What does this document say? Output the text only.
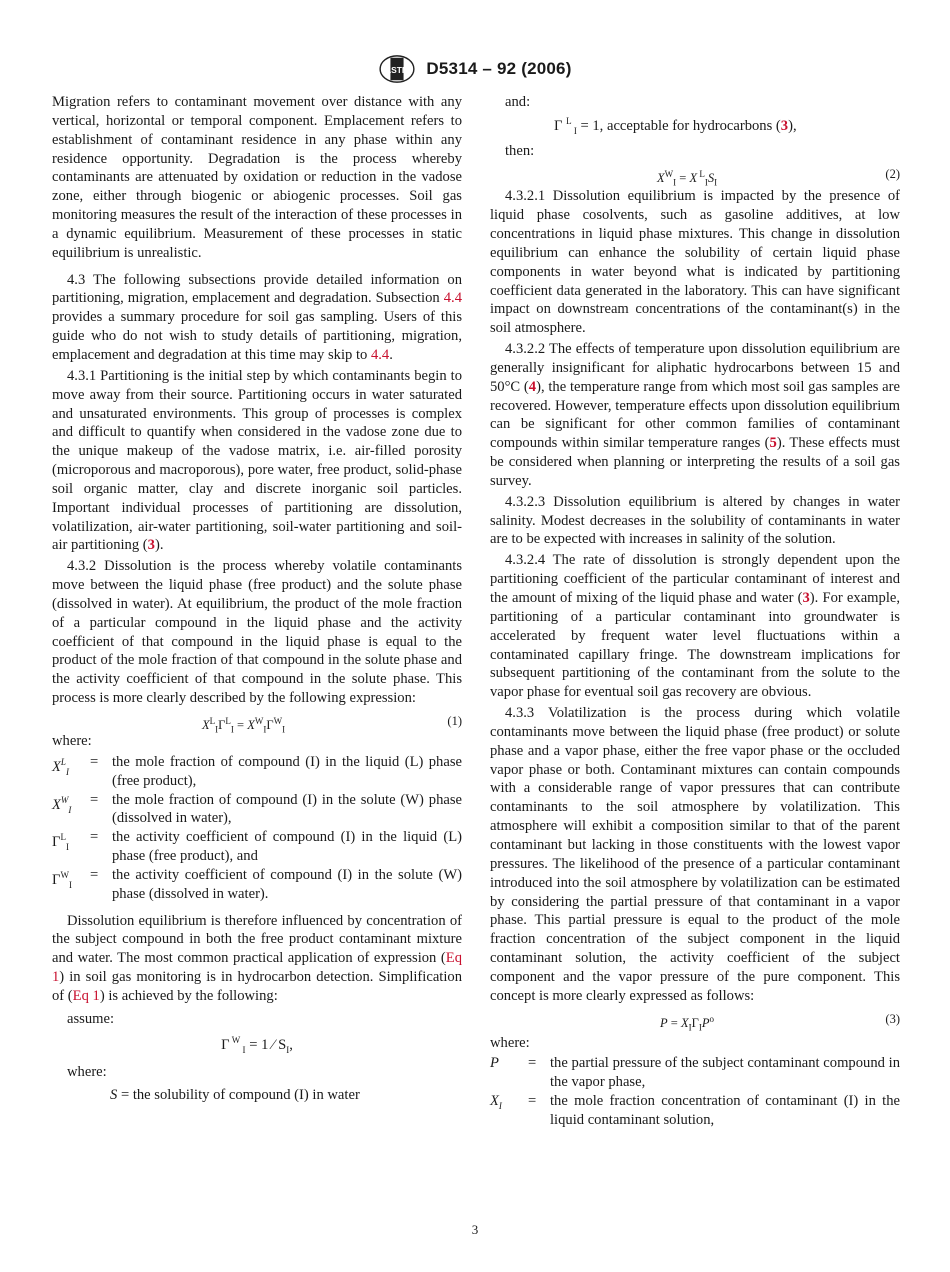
ASTM D5314 – 92 (2006)

Migration refers to contaminant movement over distance with any vertical, horizontal or temporal component. Emplacement refers to establishment of contaminant residence in any phase within any residence opportunity. Degradation is the process whereby contaminants are attenuated by oxidation or reduction in the vadose zone, either through biogenic or abiogenic processes. Soil gas monitoring measures the result of the interaction of these processes in a dynamic equilibrium. Measurement of these processes in static equilibrium is unrealistic.

4.3 The following subsections provide detailed information on partitioning, migration, emplacement and degradation. Subsection 4.4 provides a summary procedure for soil gas sampling. Users of this guide who do not wish to study details of partitioning, migration, emplacement and degradation at this time may skip to 4.4.

4.3.1 Partitioning is the initial step by which contaminants begin to move away from their source. Partitioning occurs in water saturated and unsaturated environments. This group of processes is complex and difficult to quantify when considered in the vadose zone due to the unique makeup of the vadose matrix, i.e. air-filled porosity (microporous and macroporous), pore water, free product, solid-phase soil organic matter, clay and discrete inorganic soil particles. Important individual processes of partitioning are dissolution, volatilization, air-water partitioning, soil-water partitioning and soil-air partitioning (3).

4.3.2 Dissolution is the process whereby volatile contaminants move between the liquid phase (free product) and the solute phase (dissolved in water). At equilibrium, the product of the mole fraction of a particular compound in the liquid phase and the activity coefficient of that compound in the liquid phase is equal to the product of the mole fraction of that compound in the solute phase and the activity coefficient of that compound in the solute phase. This process is more clearly described by the following expression:

$X^L_I\Gamma^L_I = X^W_I\Gamma^W_I$
(1)
where:
$X^L_I$
= the mole fraction of compound (I) in the liquid (L) phase (free product),
$X^W_I$
= the mole fraction of compound (I) in the solute (W) phase (dissolved in water),
$\Gamma^L_I$
= the activity coefficient of compound (I) in the liquid (L) phase (free product), and
$\Gamma^W_I$
= the activity coefficient of compound (I) in the solute (W) phase (dissolved in water).

Dissolution equilibrium is therefore influenced by concentration of the subject compound in both the free product contaminant mixture and water. The most common practical application of expression (Eq 1) in soil gas monitoring is in hydrocarbon detection. Simplification of (Eq 1) is achieved by the following:

assume:
Γ $^W$ $_I$ = 1 ⁄ $S_I$,
where:
S = the solubility of compound (I) in water
and:
Γ $^L$ $_I$ = 1, acceptable for hydrocarbons (3),
then:
$X^W_I = X$ $^L_IS_I$
(2)

4.3.2.1 Dissolution equilibrium is impacted by the presence of liquid phase cosolvents, such as gasoline additives, at low concentrations in liquid phase mixtures. This change in dissolution equilibrium can enhance the solubility of certain liquid phase components in water beyond what is indicated by partitioning coefficient data generated in the laboratory. This can have significant impact on downstream concentrations of the contaminant(s) in the soil atmosphere.

4.3.2.2 The effects of temperature upon dissolution equilibrium are generally insignificant for aliphatic hydrocarbons between 15 and 50°C (4), the temperature range from which most soil gas samples are recovered. However, temperature effects upon dissolution equilibrium can be significant for other common families of contaminant compounds within similar temperature ranges (5). These effects must be considered when planning or interpreting the results of a soil gas survey.

4.3.2.3 Dissolution equilibrium is altered by changes in water salinity. Modest decreases in the solubility of contaminants in water are to be expected with increases in salinity of the solution.

4.3.2.4 The rate of dissolution is strongly dependent upon the partitioning coefficient of the particular contaminant of interest and the amount of mixing of the liquid phase and water (3). For example, partitioning of a particular contaminant into groundwater is accelerated by frequent water level fluctuations within a contaminated capillary fringe. The downstream implications for subsequent partitioning of the contaminant from the solute to the vapor phase for eventual soil gas recovery are obvious.

4.3.3 Volatilization is the process during which volatile contaminants move between the liquid phase (free product) or solute phase and a vapor phase, either the free vapor phase or the occluded vapor phase or both. Contaminant mixtures can contain compounds with a considerable range of vapor pressures that can contribute contaminants to the soil atmosphere by volatilization. This atmosphere will exhibit a composition similar to that of the parent contaminant but lacking in those constituents with the lowest vapor pressures. The likelihood of the presence of a particular contaminant introduced into the soil atmosphere by volatilization can be estimated by considering the partial pressure of that contaminant in a vapor phase. This partial pressure is equal to the product of the mole fraction concentration of the subject component in the liquid contaminant solution, the activity coefficient of the subject component and the vapor pressure of the pure component. This concept is more clearly expressed as follows:

$P = X_I\Gamma_IP^o$	(3)
where:
P	= the partial pressure of the subject contaminant compound in the vapor phase,
$X_I$	= the mole fraction concentration of contaminant (I) in the liquid contaminant solution,
3
